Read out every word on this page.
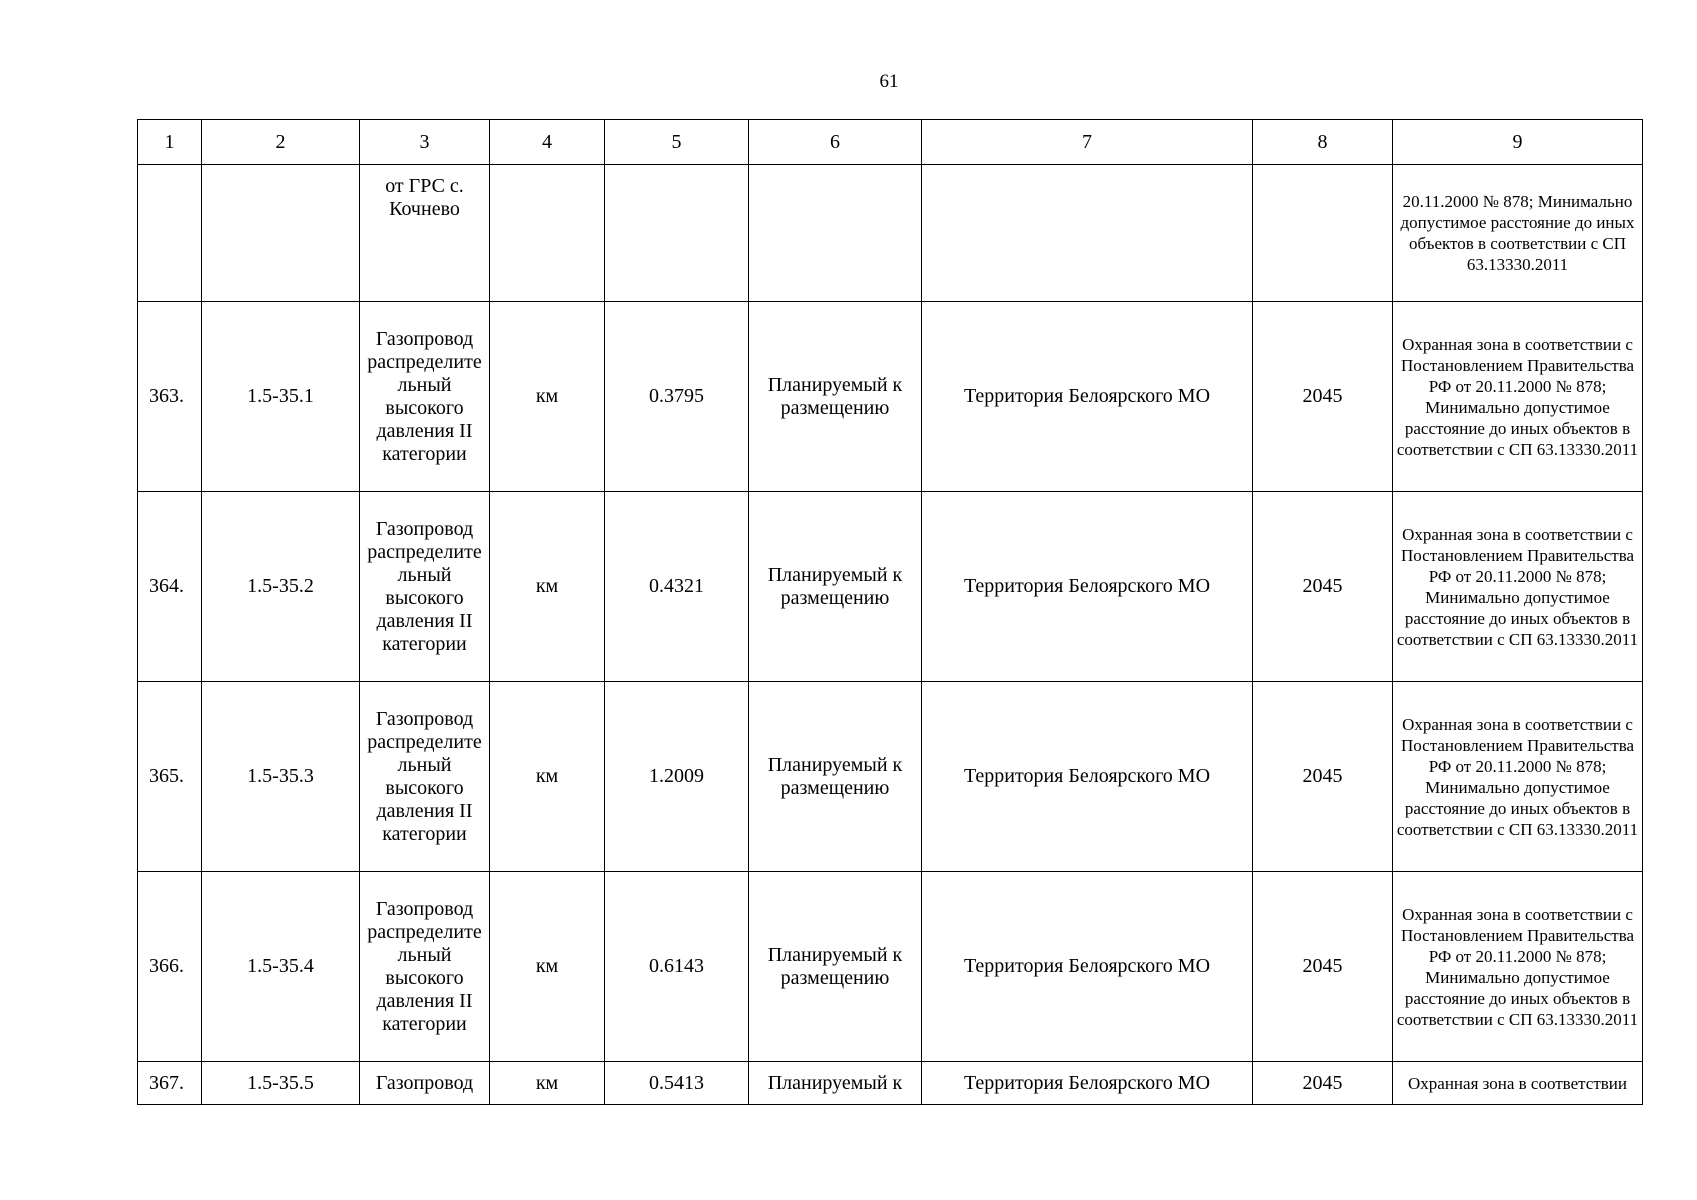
61
1	2	3	4	5	6	7	8	9
		от ГРС с. Кочнево						20.11.2000 № 878; Минимально допустимое расстояние до иных объектов в соответствии с СП 63.13330.2011
363.	1.5-35.1	Газопровод распределите льный высокого давления II категории	км	0.3795	Планируемый к размещению	Территория Белоярского МО	2045	Охранная зона в соответствии с Постановлением Правительства РФ от 20.11.2000 № 878; Минимально допустимое расстояние до иных объектов в соответствии с СП 63.13330.2011
364.	1.5-35.2	Газопровод распределите льный высокого давления II категории	км	0.4321	Планируемый к размещению	Территория Белоярского МО	2045	Охранная зона в соответствии с Постановлением Правительства РФ от 20.11.2000 № 878; Минимально допустимое расстояние до иных объектов в соответствии с СП 63.13330.2011
365.	1.5-35.3	Газопровод распределите льный высокого давления II категории	км	1.2009	Планируемый к размещению	Территория Белоярского МО	2045	Охранная зона в соответствии с Постановлением Правительства РФ от 20.11.2000 № 878; Минимально допустимое расстояние до иных объектов в соответствии с СП 63.13330.2011
366.	1.5-35.4	Газопровод распределите льный высокого давления II категории	км	0.6143	Планируемый к размещению	Территория Белоярского МО	2045	Охранная зона в соответствии с Постановлением Правительства РФ от 20.11.2000 № 878; Минимально допустимое расстояние до иных объектов в соответствии с СП 63.13330.2011
367.	1.5-35.5	Газопровод	км	0.5413	Планируемый к	Территория Белоярского МО	2045	Охранная зона в соответствии
